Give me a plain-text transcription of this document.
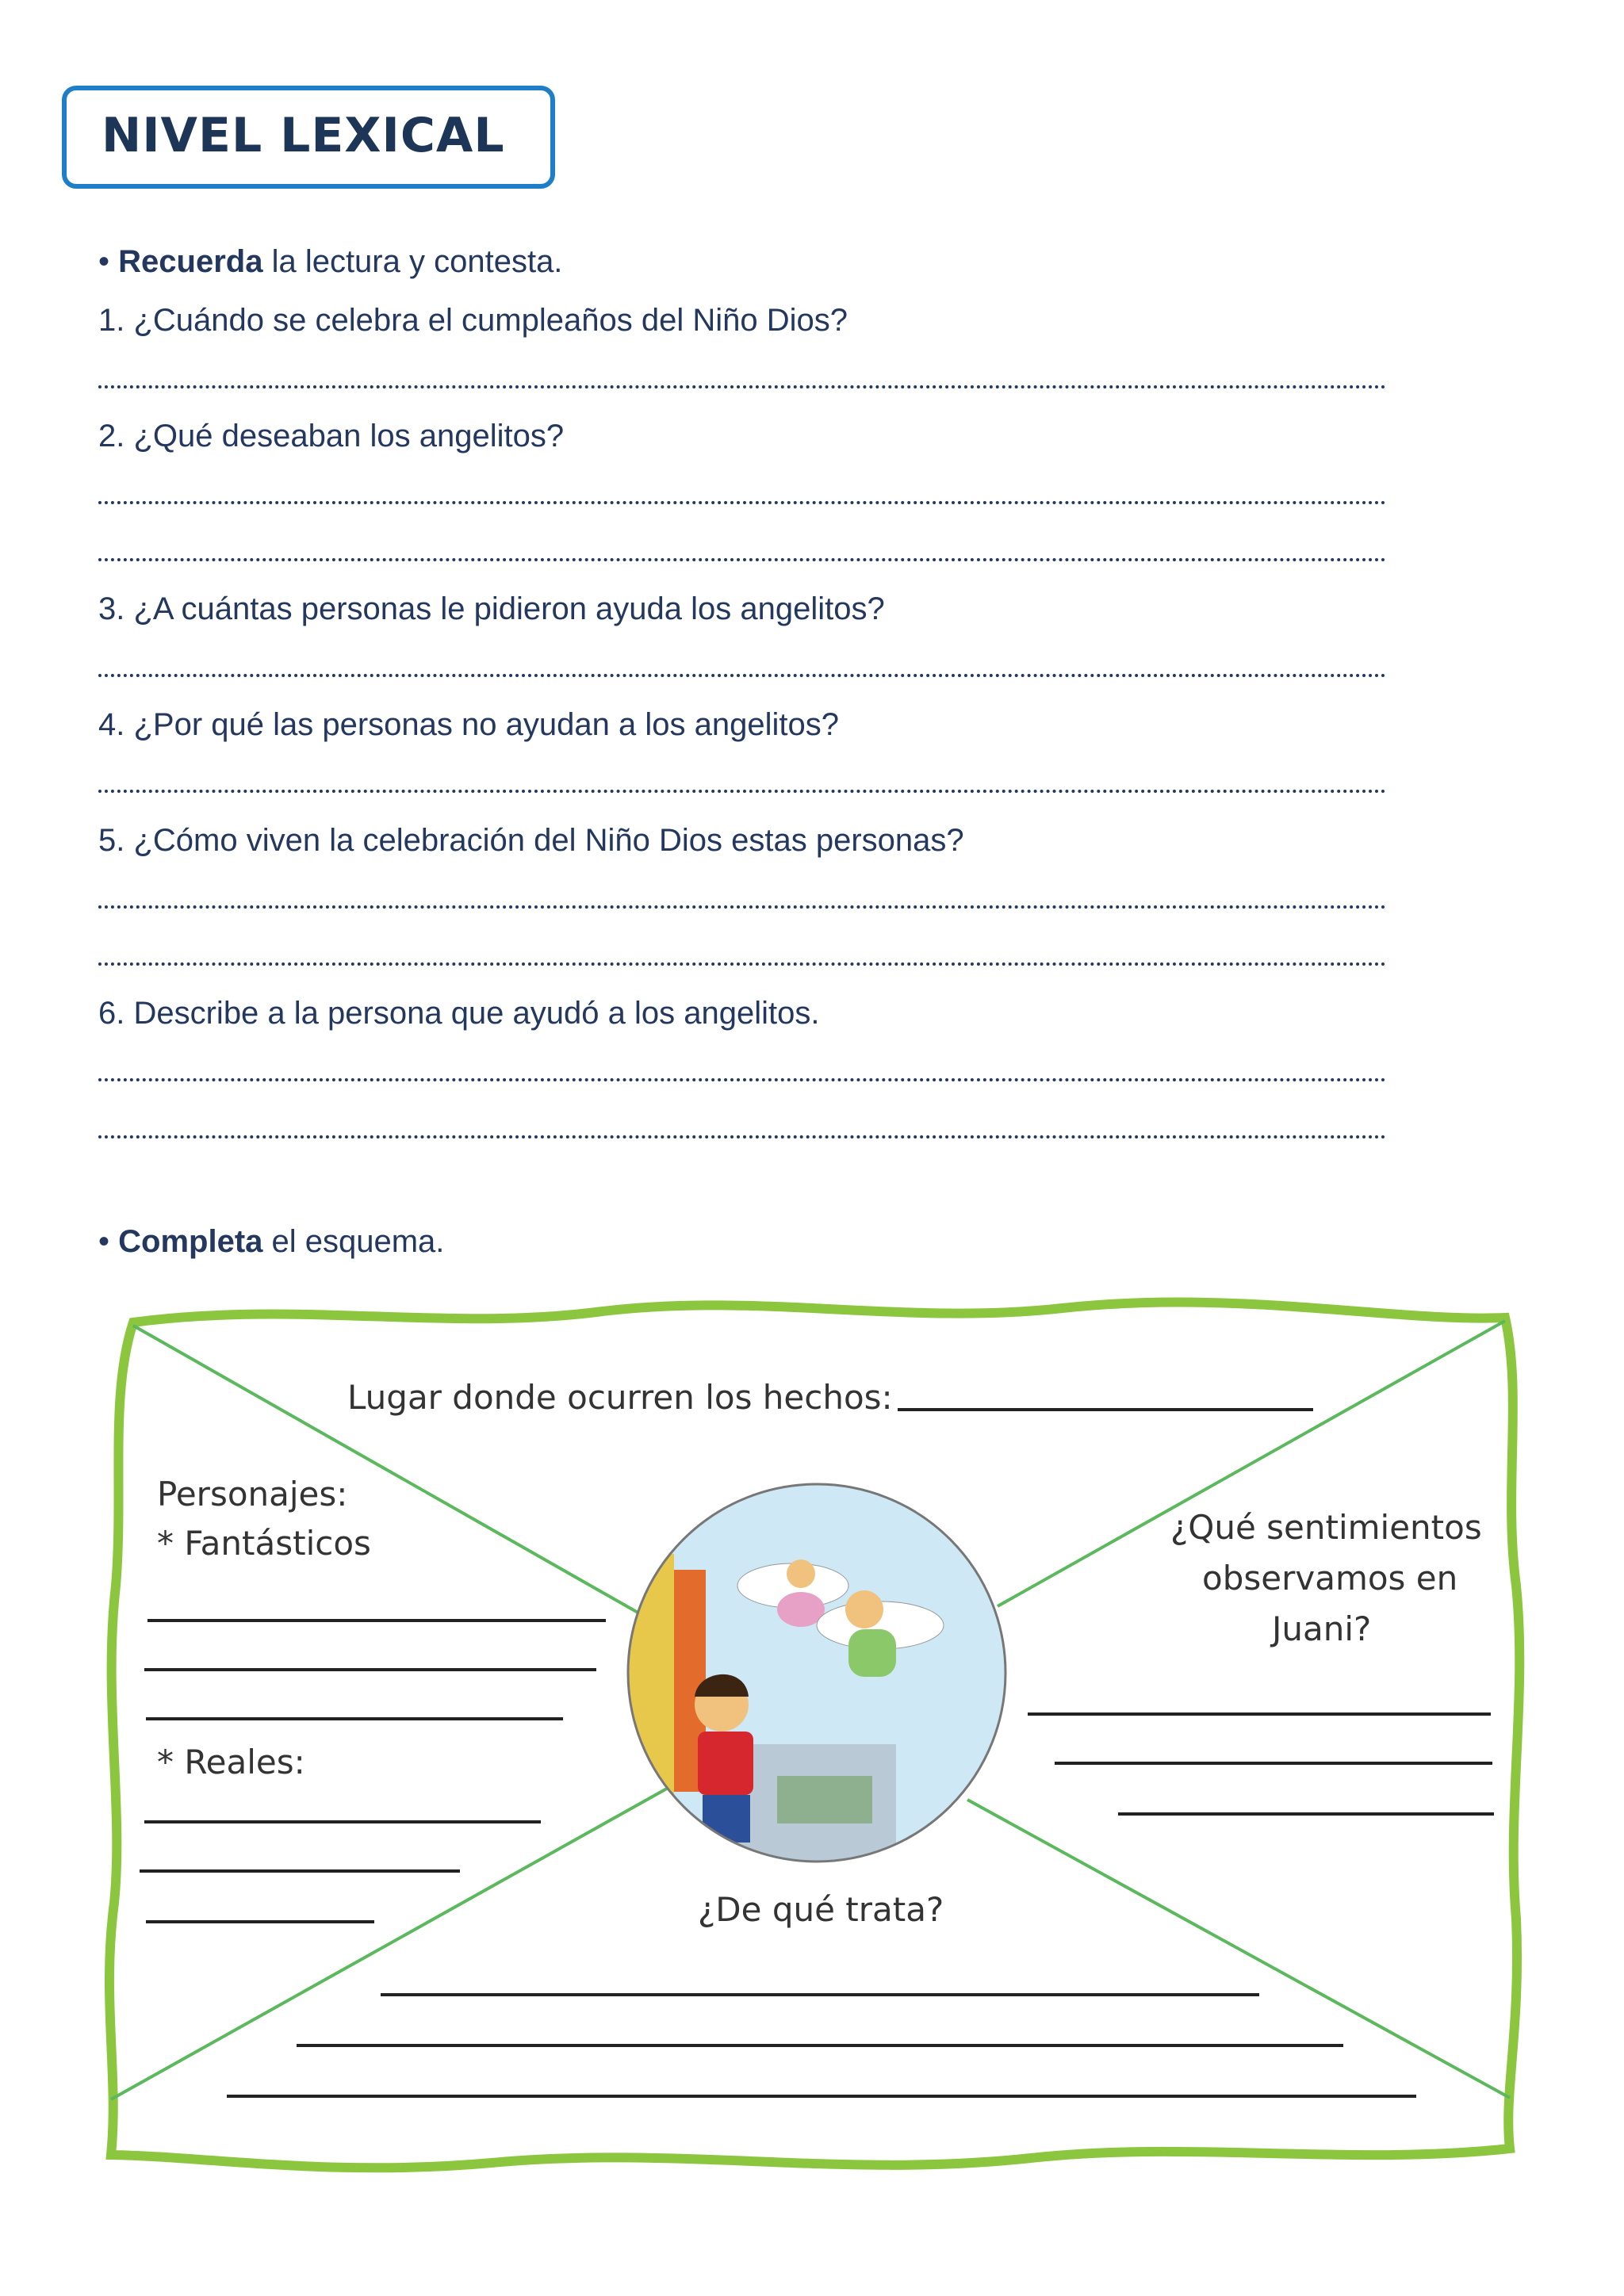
NIVEL LEXICAL
• Recuerda la lectura y contesta.
1. ¿Cuándo se celebra el cumpleaños del Niño Dios?
2. ¿Qué deseaban los angelitos?
3. ¿A cuántas personas le pidieron ayuda los angelitos?
4. ¿Por qué las personas no ayudan a los angelitos?
5. ¿Cómo viven la celebración del Niño Dios estas personas?
6. Describe a la persona que ayudó a los angelitos.
• Completa el esquema.
Lugar donde ocurren los hechos:
Personajes:
* Fantásticos
* Reales:
¿Qué sentimientos
observamos en
Juani?
¿De qué trata?
